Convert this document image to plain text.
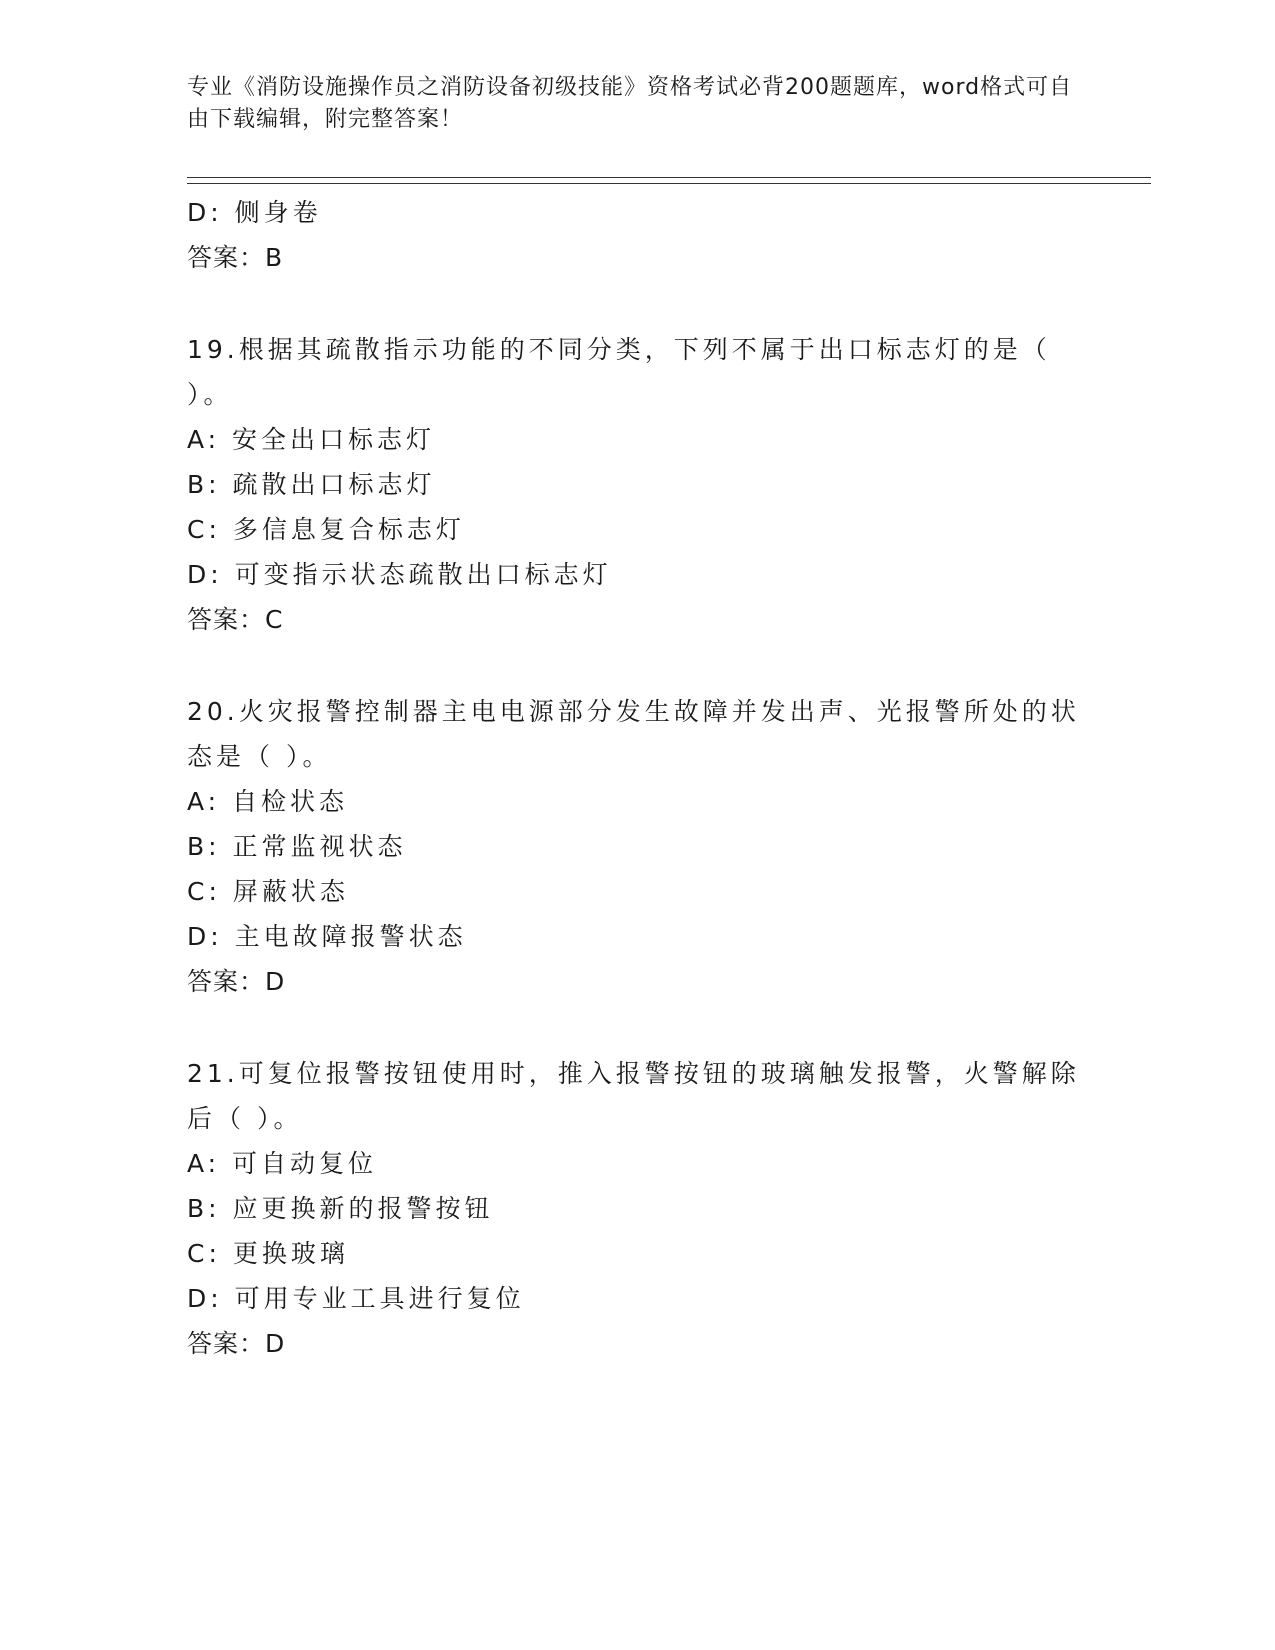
专业《消防设施操作员之消防设备初级技能》资格考试必背200题题库，word格式可自由下载编辑，附完整答案！

D: 侧身卷

答案：B

19.根据其疏散指示功能的不同分类，下列不属于出口标志灯的是（ ）。

A: 安全出口标志灯

B: 疏散出口标志灯

C: 多信息复合标志灯

D: 可变指示状态疏散出口标志灯

答案：C

20.火灾报警控制器主电电源部分发生故障并发出声、光报警所处的状态是（ ）。

A: 自检状态

B: 正常监视状态

C: 屏蔽状态

D: 主电故障报警状态

答案：D

21.可复位报警按钮使用时，推入报警按钮的玻璃触发报警，火警解除后（ ）。

A: 可自动复位

B: 应更换新的报警按钮

C: 更换玻璃

D: 可用专业工具进行复位

答案：D
